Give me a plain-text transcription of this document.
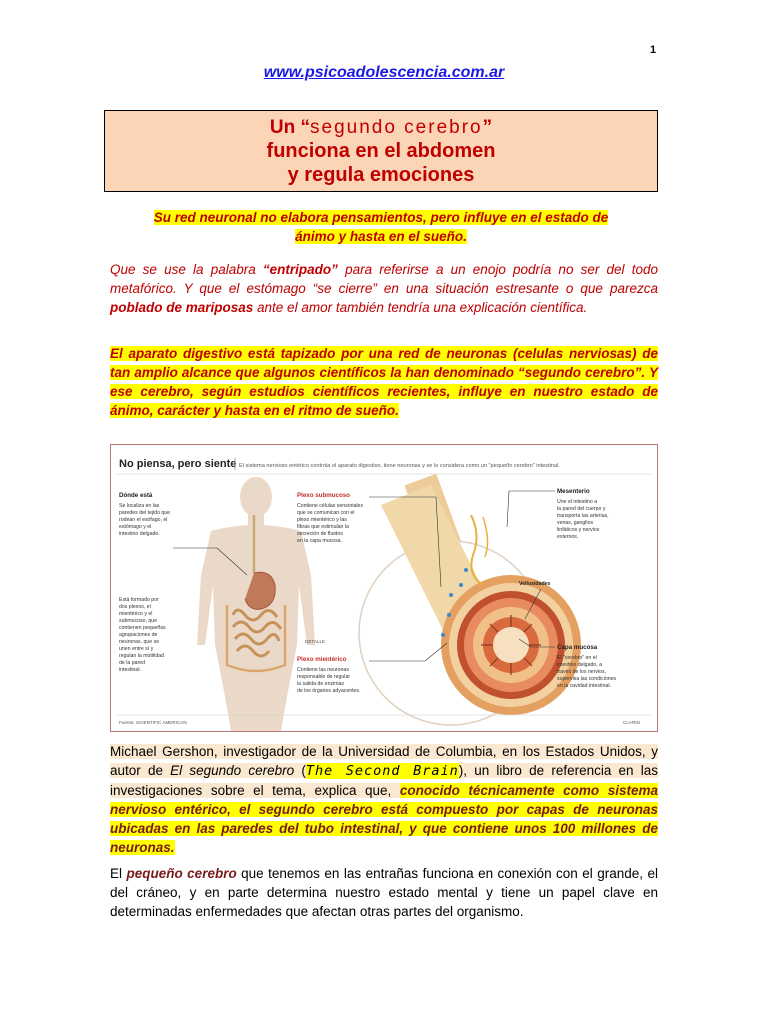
1
www.psicoadolescencia.com.ar
Un “segundo cerebro”
funciona en el abdomen
y regula emociones
Su red neuronal no elabora pensamientos, pero influye en el estado de
ánimo y hasta en el sueño.
Que se use la palabra “entripado” para referirse a un enojo podría no ser del todo metafórico. Y que el estómago “se cierre” en una situación estresante o que parezca poblado de mariposas ante el amor también tendría una explicación científica.
El aparato digestivo está tapizado por una red de neuronas (celulas nerviosas) de tan amplio alcance que algunos científicos la han denominado “segundo cerebro”. Y ese cerebro, según estudios científicos recientes, influye en nuestro estado de ánimo, carácter y hasta en el ritmo de sueño.
No piensa, pero siente El sistema nervioso entérico controla el aparato digestivo, tiene neuronas y se lo considera como un “pequeño cerebro” intestinal.
Dónde está
Se localiza en las
paredes del tejido que
rodean el esófago, el
estómago y el
intestino delgado.
Está formado por
dos plexos, el
mientérico y el
submucoso, que
contienen pequeñas
agrupaciones de
neuronas, que se
unen entre sí y
regulan la motilidad
de la pared
intestinal.
Plexo submucoso
Contiene células sensoriales
que se comunican con el
plexo mientérico y las
fibras que estimulan la
secreción de fluidos
en la capa mucosa.
DETALLE
Plexo mientérico
Contiene las neuronas
responsable de regular
la salida de enzimas
de los órganos adyacentes.
Mesenterio
Une el intestino a
la pared del cuerpo y
transporta las arterias,
venas, ganglios
linfáticos y nervios
externos.
Vellosidades
Capa mucosa
El “cerebro” en el
intestino delgado, a
través de los nervios,
supervisa las condiciones
en la cavidad intestinal.
Fuente: SCIENTIFIC AMERICAN	CLARIN
Michael Gershon, investigador de la Universidad de Columbia, en los Estados Unidos, y autor de El segundo cerebro (The Second Brain), un libro de referencia en las investigaciones sobre el tema, explica que, conocido técnicamente como sistema nervioso entérico, el segundo cerebro está compuesto por capas de neuronas ubicadas en las paredes del tubo intestinal, y que contiene unos 100 millones de neuronas.
El pequeño cerebro que tenemos en las entrañas funciona en conexión con el grande, el del cráneo, y en parte determina nuestro estado mental y tiene un papel clave en determinadas enfermedades que afectan otras partes del organismo.
